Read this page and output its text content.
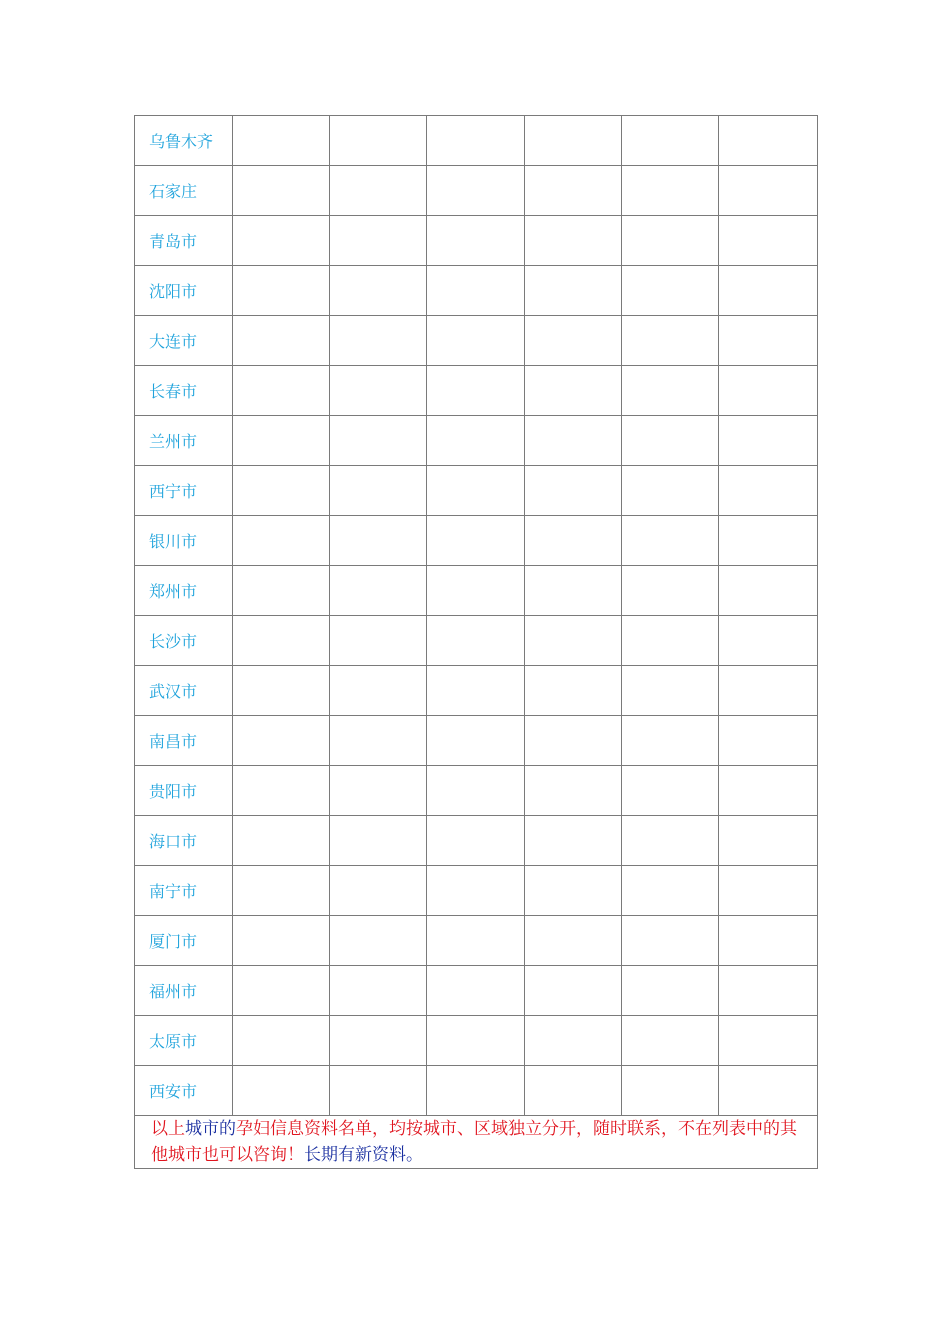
乌鲁木齐						
石家庄						
青岛市						
沈阳市						
大连市						
长春市						
兰州市						
西宁市						
银川市						
郑州市						
长沙市						
武汉市						
南昌市						
贵阳市						
海口市						
南宁市						
厦门市						
福州市						
太原市						
西安市						
以上城市的孕妇信息资料名单，均按城市、区域独立分开，随时联系，不在列表中的其他城市也可以咨询！长期有新资料。						
